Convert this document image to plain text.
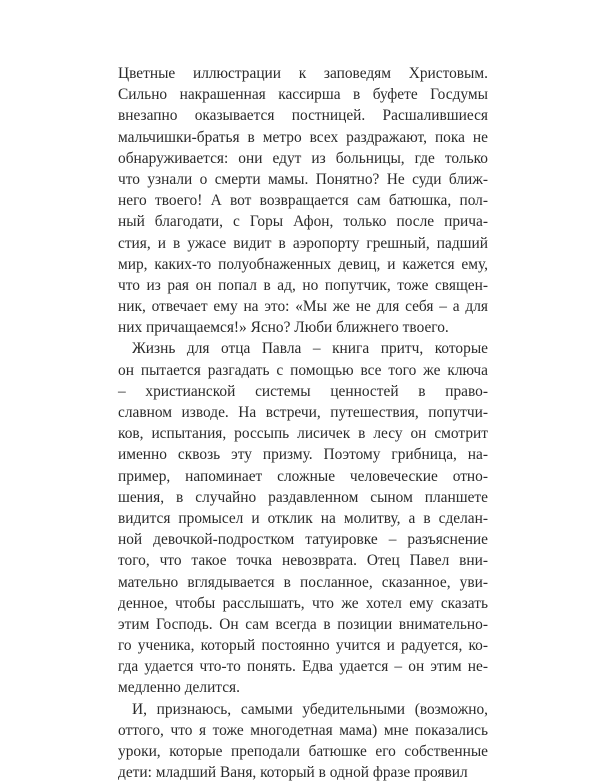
Цветные иллюстрации к заповедям Христовым.
Сильно накрашенная кассирша в буфете Госдумы
внезапно оказывается постницей. Расшалившиеся
мальчишки-братья в метро всех раздражают, пока не
обнаруживается: они едут из больницы, где только
что узнали о смерти мамы. Понятно? Не суди ближ-
него твоего! А вот возвращается сам батюшка, пол-
ный благодати, с Горы Афон, только после прича-
стия, и в ужасе видит в аэропорту грешный, падший
мир, каких-то полуобнаженных девиц, и кажется ему,
что из рая он попал в ад, но попутчик, тоже священ-
ник, отвечает ему на это: «Мы же не для себя – а для
них причащаемся!» Ясно? Люби ближнего твоего.
Жизнь для отца Павла – книга притч, которые
он пытается разгадать с помощью все того же ключа
– христианской системы ценностей в право-
славном изводе. На встречи, путешествия, попутчи-
ков, испытания, россыпь лисичек в лесу он смотрит
именно сквозь эту призму. Поэтому грибница, на-
пример, напоминает сложные человеческие отно-
шения, в случайно раздавленном сыном планшете
видится промысел и отклик на молитву, а в сделан-
ной девочкой-подростком татуировке – разъяснение
того, что такое точка невозврата. Отец Павел вни-
мательно вглядывается в посланное, сказанное, уви-
денное, чтобы расслышать, что же хотел ему сказать
этим Господь. Он сам всегда в позиции внимательно-
го ученика, который постоянно учится и радуется, ко-
гда удается что-то понять. Едва удается – он этим не-
медленно делится.
И, признаюсь, самыми убедительными (возможно,
оттого, что я тоже многодетная мама) мне показались
уроки, которые преподали батюшке его собственные
дети: младший Ваня, который в одной фразе проявил
